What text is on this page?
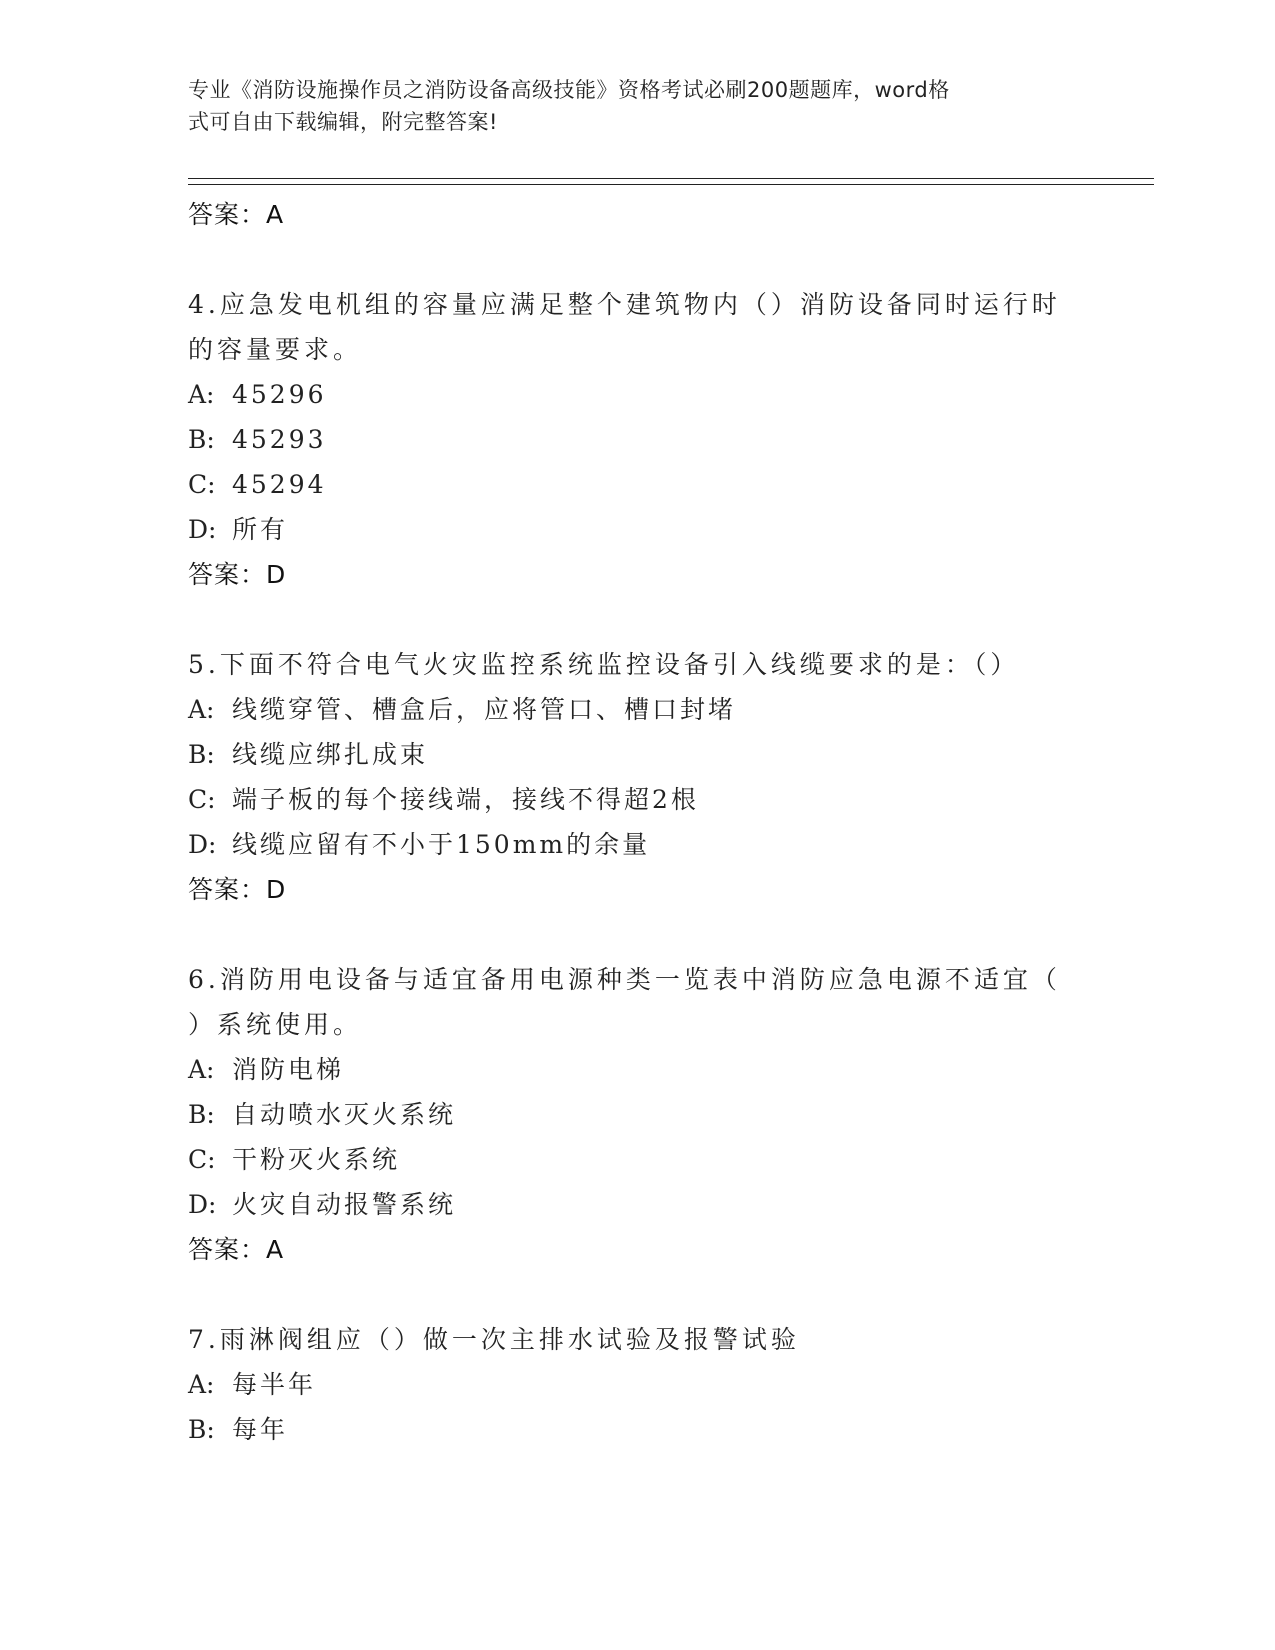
专业《消防设施操作员之消防设备高级技能》资格考试必刷200题题库，word格
式可自由下载编辑，附完整答案!
答案：A
4.应急发电机组的容量应满足整个建筑物内（）消防设备同时运行时
的容量要求。
A: 45296
B: 45293
C: 45294
D: 所有
答案：D
5.下面不符合电气火灾监控系统监控设备引入线缆要求的是：（）
A: 线缆穿管、槽盒后，应将管口、槽口封堵
B: 线缆应绑扎成束
C: 端子板的每个接线端，接线不得超2根
D: 线缆应留有不小于150mm的余量
答案：D
6.消防用电设备与适宜备用电源种类一览表中消防应急电源不适宜（
）系统使用。
A: 消防电梯
B: 自动喷水灭火系统
C: 干粉灭火系统
D: 火灾自动报警系统
答案：A
7.雨淋阀组应（）做一次主排水试验及报警试验
A: 每半年
B: 每年
